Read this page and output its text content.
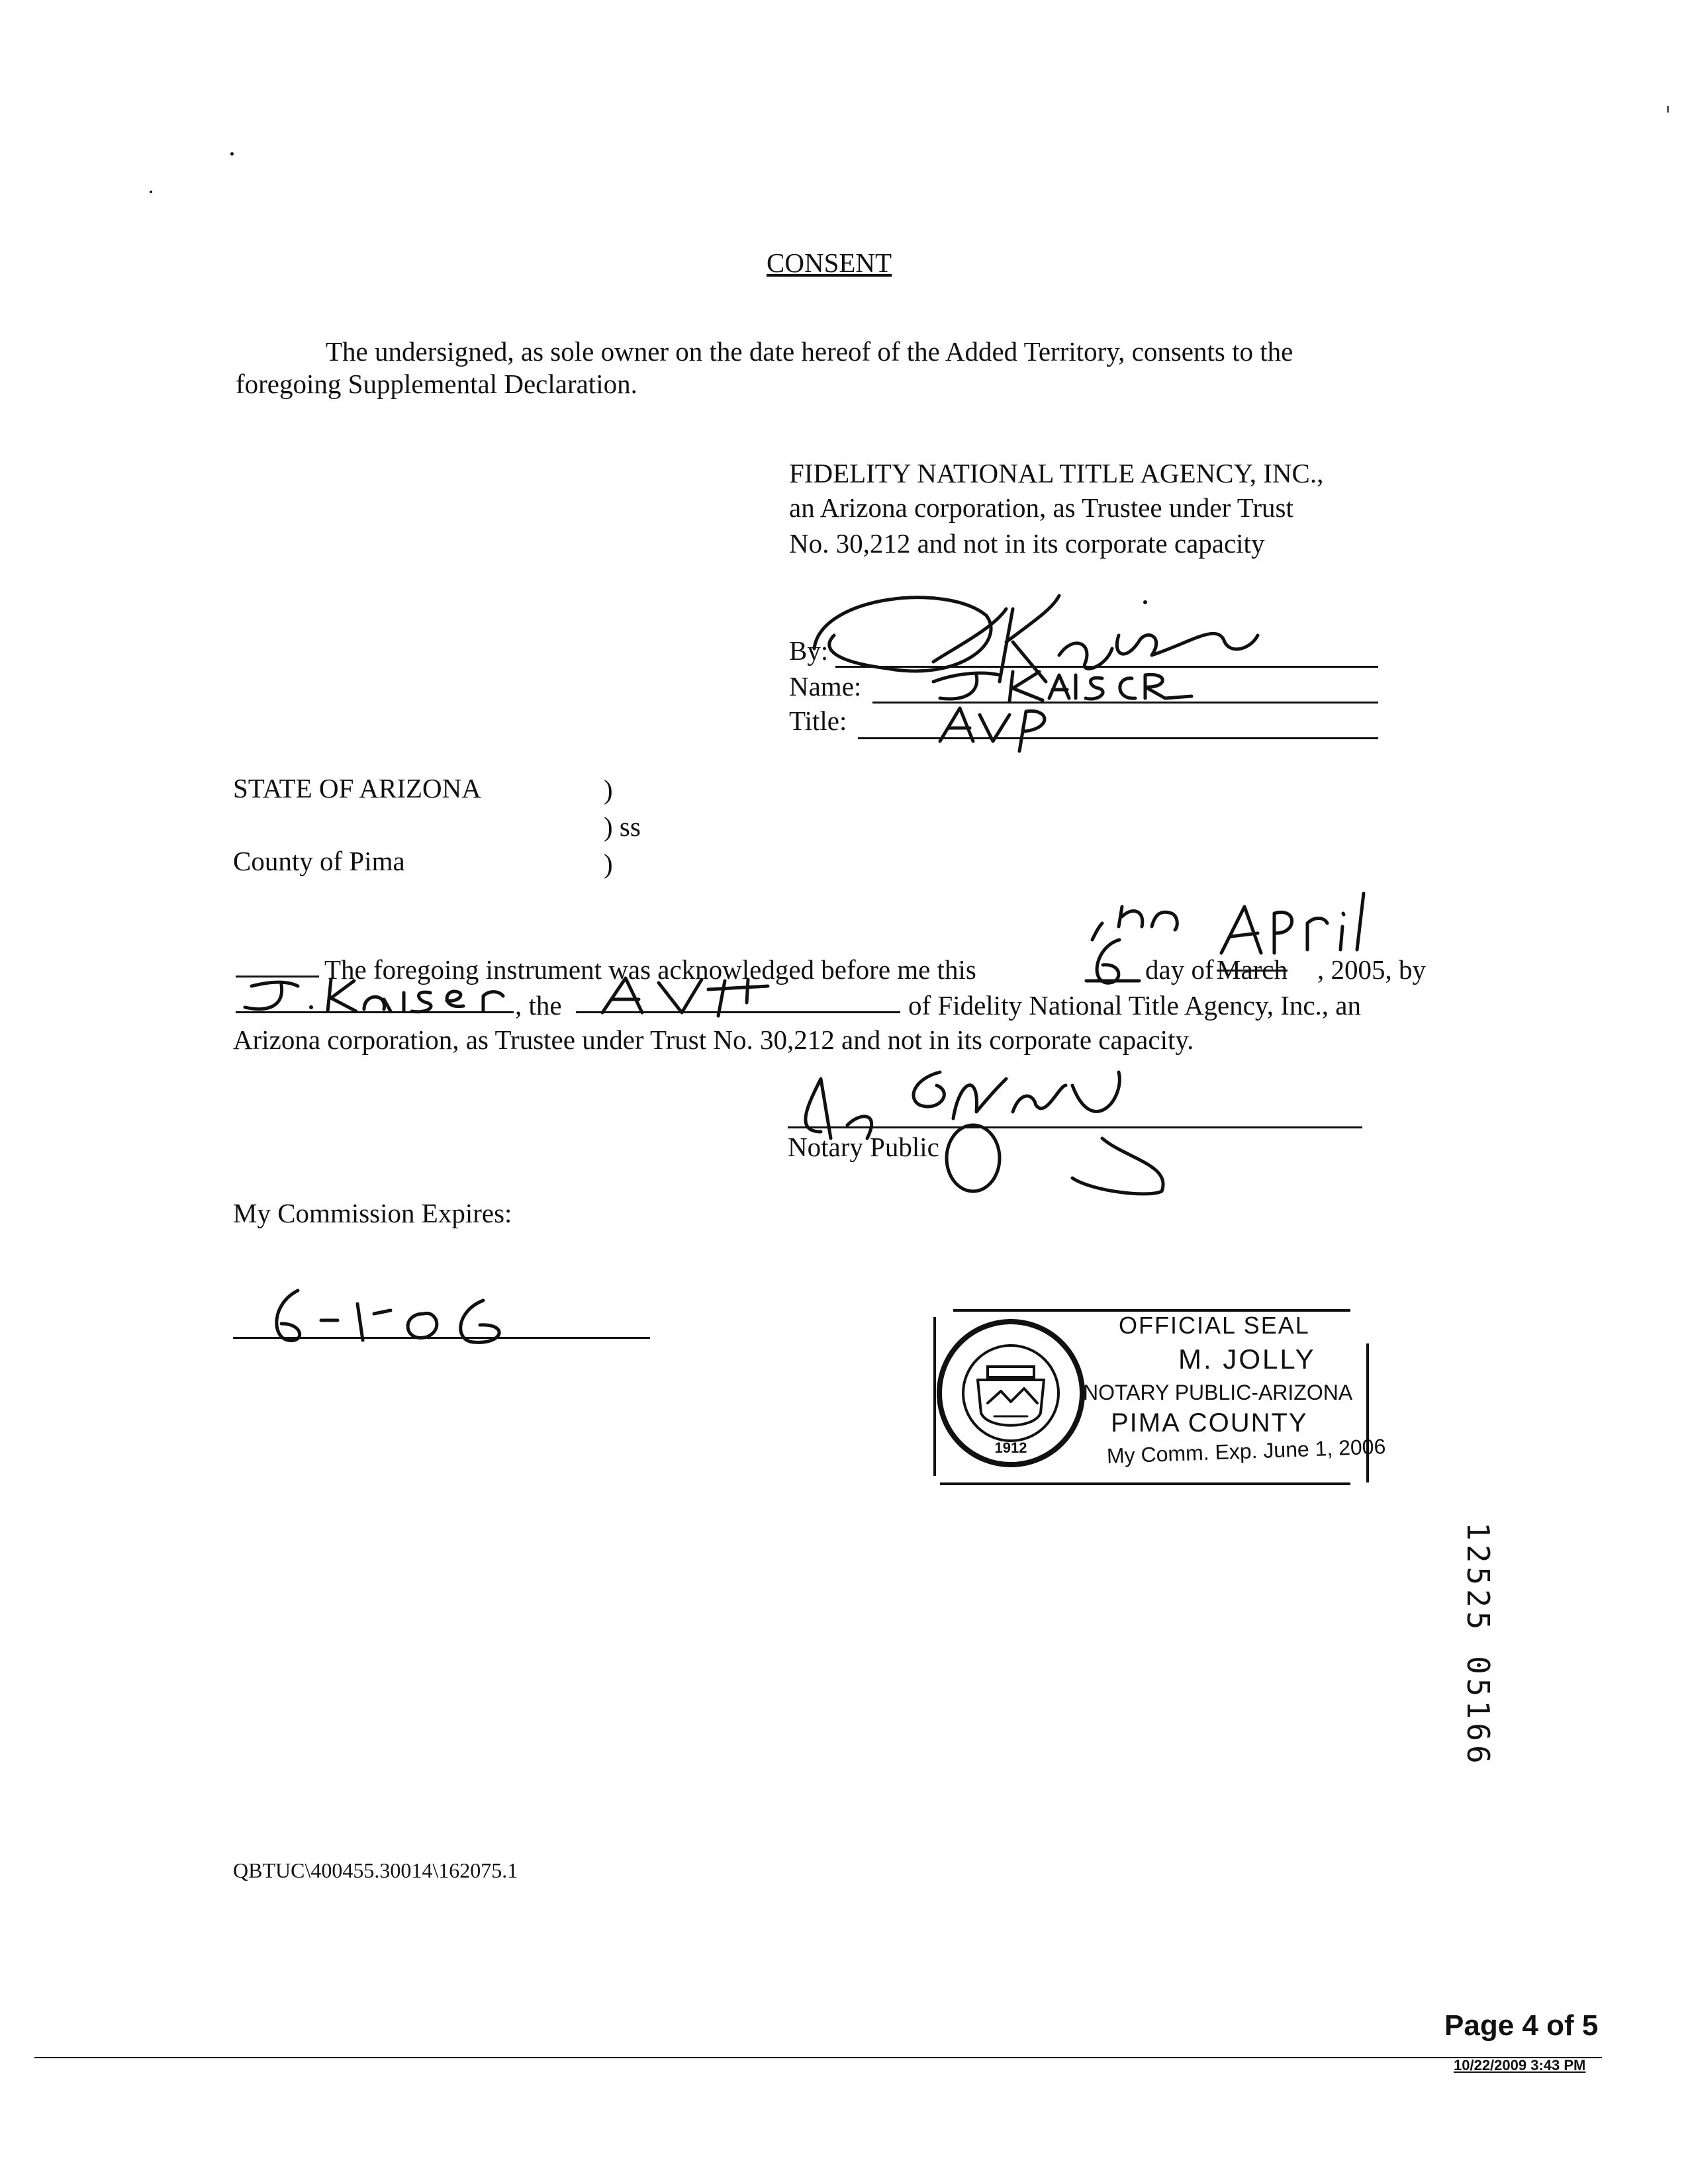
CONSENT
The undersigned, as sole owner on the date hereof of the Added Territory, consents to the
foregoing Supplemental Declaration.
FIDELITY NATIONAL TITLE AGENCY, INC.,
an Arizona corporation, as Trustee under Trust
No. 30,212 and not in its corporate capacity
By:
Name:
Title:
STATE OF ARIZONA	)
) ss
County of Pima	)
The foregoing instrument was acknowledged before me this	day of March , 2005, by
, the	of Fidelity National Title Agency, Inc., an
Arizona corporation, as Trustee under Trust No. 30,212 and not in its corporate capacity.
Notary Public
My Commission Expires:
1912
OFFICIAL SEAL
M. JOLLY
NOTARY PUBLIC-ARIZONA
PIMA COUNTY
My Comm. Exp. June 1, 2006
12525 05166
QBTUC\400455.30014\162075.1
Page 4 of 5
10/22/2009 3:43 PM
